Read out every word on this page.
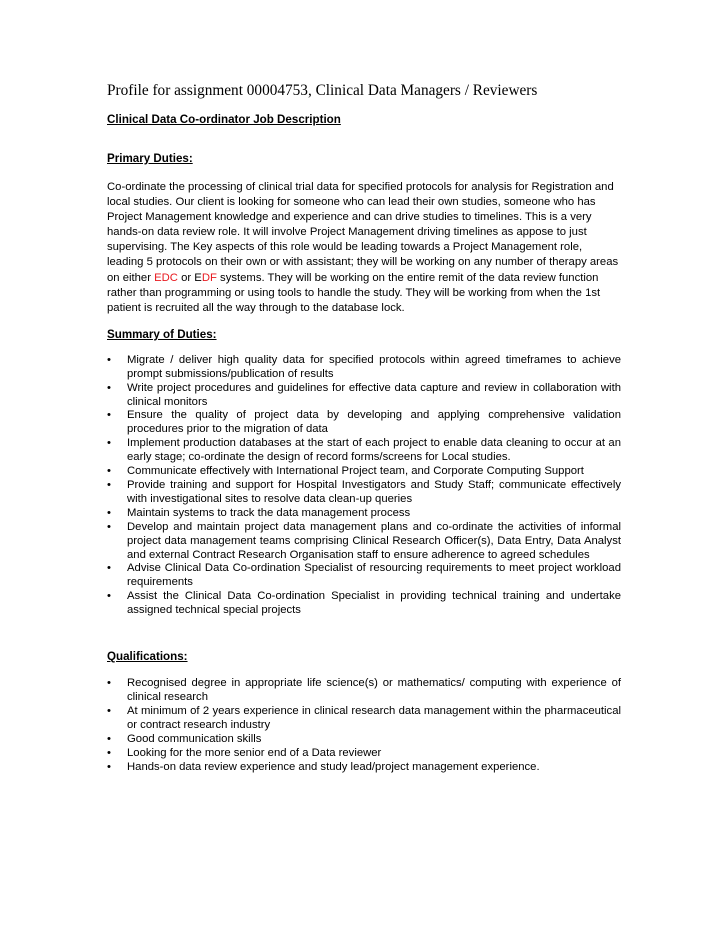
Profile for assignment 00004753, Clinical Data Managers / Reviewers

Clinical Data Co-ordinator Job Description

Primary Duties:

Co-ordinate the processing of clinical trial data for specified protocols for analysis for Registration and local studies. Our client is looking for someone who can lead their own studies, someone who has Project Management knowledge and experience and can drive studies to timelines. This is a very hands-on data review role. It will involve Project Management driving timelines as appose to just supervising. The Key aspects of this role would be leading towards a Project Management role, leading 5 protocols on their own or with assistant; they will be working on any number of therapy areas on either EDC or EDF systems. They will be working on the entire remit of the data review function rather than programming or using tools to handle the study. They will be working from when the 1st patient is recruited all the way through to the database lock.

Summary of Duties:

•	Migrate / deliver high quality data for specified protocols within agreed timeframes to achieve prompt submissions/publication of results
•	Write project procedures and guidelines for effective data capture and review in collaboration with clinical monitors
•	Ensure the quality of project data by developing and applying comprehensive validation procedures prior to the migration of data
•	Implement production databases at the start of each project to enable data cleaning to occur at an early stage; co-ordinate the design of record forms/screens for Local studies.
•	Communicate effectively with International Project team, and Corporate Computing Support
•	Provide training and support for Hospital Investigators and Study Staff; communicate effectively with investigational sites to resolve data clean-up queries
•	Maintain systems to track the data management process
•	Develop and maintain project data management plans and co-ordinate the activities of informal project data management teams comprising Clinical Research Officer(s), Data Entry, Data Analyst and external Contract Research Organisation staff to ensure adherence to agreed schedules
•	Advise Clinical Data Co-ordination Specialist of resourcing requirements to meet project workload requirements
•	Assist the Clinical Data Co-ordination Specialist in providing technical training and undertake assigned technical special projects

Qualifications:

•	Recognised degree in appropriate life science(s) or mathematics/ computing with experience of clinical research
•	At minimum of 2 years experience in clinical research data management within the pharmaceutical or contract research industry
•	Good communication skills
•	Looking for the more senior end of a Data reviewer
•	Hands-on data review experience and study lead/project management experience.
